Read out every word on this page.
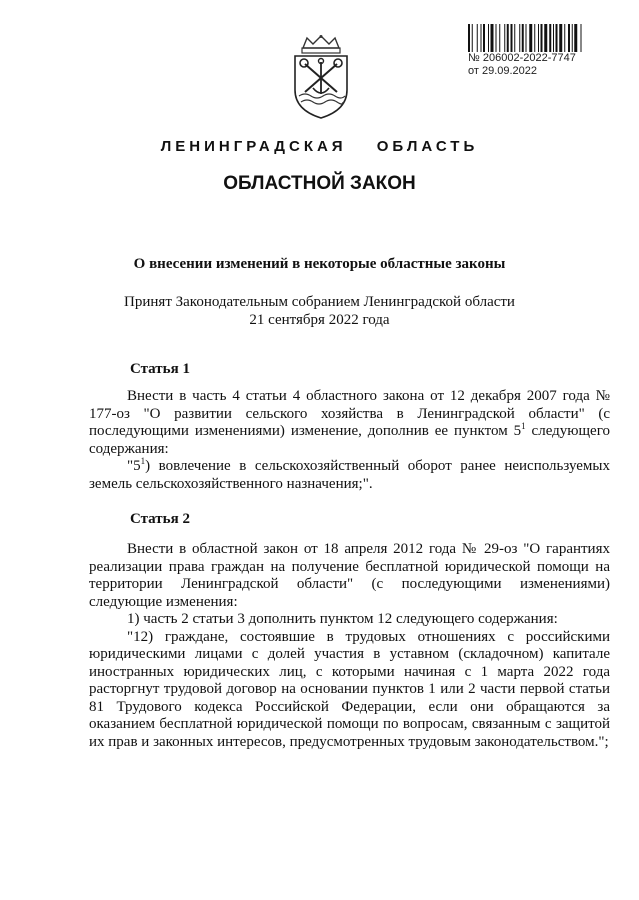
№ 206002-2022-7747
от 29.09.2022
ЛЕНИНГРАДСКАЯ ОБЛАСТЬ
ОБЛАСТНОЙ ЗАКОН
О внесении изменений в некоторые областные законы
Принят Законодательным собранием Ленинградской области
21 сентября 2022 года
Статья 1

Внести в часть 4 статьи 4 областного закона от 12 декабря 2007 года № 177-оз "О развитии сельского хозяйства в Ленинградской области" (с последующими изменениями) изменение, дополнив ее пунктом $5^1$ следующего содержания:

"$5^1$) вовлечение в сельскохозяйственный оборот ранее неиспользуемых земель сельскохозяйственного назначения;".

Статья 2

Внести в областной закон от 18 апреля 2012 года № 29-оз "О гарантиях реализации права граждан на получение бесплатной юридической помощи на территории Ленинградской области" (с последующими изменениями) следующие изменения:

1) часть 2 статьи 3 дополнить пунктом 12 следующего содержания:

"12) граждане, состоявшие в трудовых отношениях с российскими юридическими лицами с долей участия в уставном (складочном) капитале иностранных юридических лиц, с которыми начиная с 1 марта 2022 года расторгнут трудовой договор на основании пунктов 1 или 2 части первой статьи 81 Трудового кодекса Российской Федерации, если они обращаются за оказанием бесплатной юридической помощи по вопросам, связанным с защитой их прав и законных интересов, предусмотренных трудовым законодательством.";
